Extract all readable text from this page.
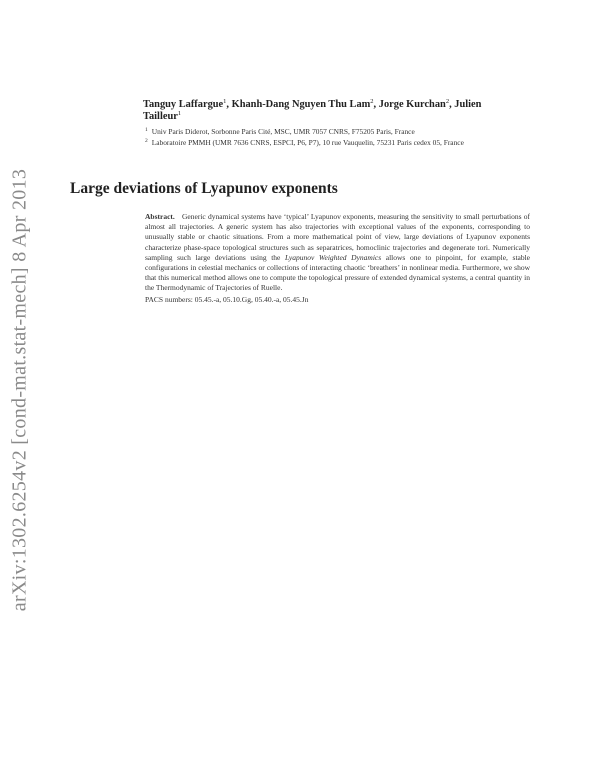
arXiv:1302.6254v2 [cond-mat.stat-mech] 8 Apr 2013
Tanguy Laffargue$^1$, Khanh-Dang Nguyen Thu Lam$^2$, Jorge Kurchan$^2$, Julien
Tailleur$^1$
$^1$ Univ Paris Diderot, Sorbonne Paris Cité, MSC, UMR 7057 CNRS, F75205 Paris, France
$^2$ Laboratoire PMMH (UMR 7636 CNRS, ESPCI, P6, P7), 10 rue Vauquelin, 75231 Paris cedex 05, France
Large deviations of Lyapunov exponents
Abstract. Generic dynamical systems have ‘typical’ Lyapunov exponents, measuring the sensitivity to small perturbations of almost all trajectories. A generic system has also trajectories with exceptional values of the exponents, corresponding to unusually stable or chaotic situations. From a more mathematical point of view, large deviations of Lyapunov exponents characterize phase-space topological structures such as separatrices, homoclinic trajectories and degenerate tori. Numerically sampling such large deviations using the Lyapunov Weighted Dynamics allows one to pinpoint, for example, stable configurations in celestial mechanics or collections of interacting chaotic ‘breathers’ in nonlinear media. Furthermore, we show that this numerical method allows one to compute the topological pressure of extended dynamical systems, a central quantity in the Thermodynamic of Trajectories of Ruelle.
PACS numbers: 05.45.-a, 05.10.Gg, 05.40.-a, 05.45.Jn
